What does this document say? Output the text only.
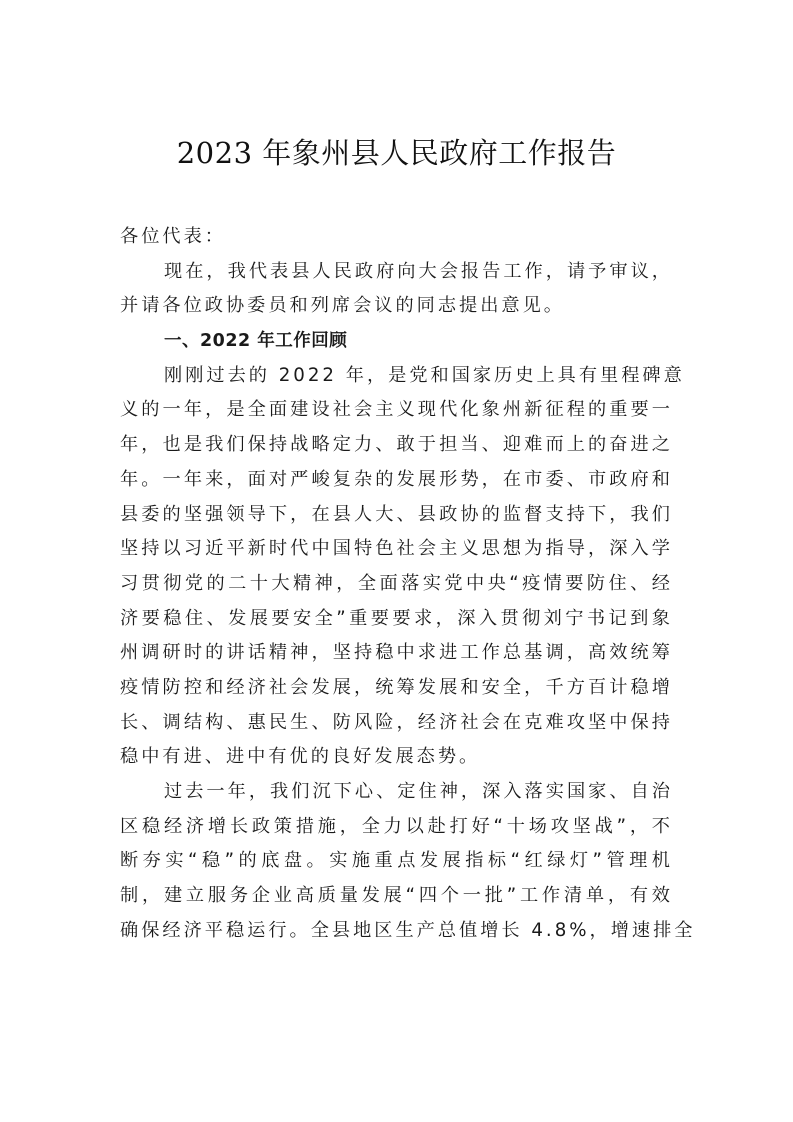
2023 年象州县人民政府工作报告
各位代表：
现在，我代表县人民政府向大会报告工作，请予审议，
并请各位政协委员和列席会议的同志提出意见。
一、2022 年工作回顾
刚刚过去的 2022 年，是党和国家历史上具有里程碑意
义的一年，是全面建设社会主义现代化象州新征程的重要一
年，也是我们保持战略定力、敢于担当、迎难而上的奋进之
年。一年来，面对严峻复杂的发展形势，在市委、市政府和
县委的坚强领导下，在县人大、县政协的监督支持下，我们
坚持以习近平新时代中国特色社会主义思想为指导，深入学
习贯彻党的二十大精神，全面落实党中央“疫情要防住、经
济要稳住、发展要安全”重要要求，深入贯彻刘宁书记到象
州调研时的讲话精神，坚持稳中求进工作总基调，高效统筹
疫情防控和经济社会发展，统筹发展和安全，千方百计稳增
长、调结构、惠民生、防风险，经济社会在克难攻坚中保持
稳中有进、进中有优的良好发展态势。
过去一年，我们沉下心、定住神，深入落实国家、自治
区稳经济增长政策措施，全力以赴打好“十场攻坚战”，不
断夯实“稳”的底盘。实施重点发展指标“红绿灯”管理机
制，建立服务企业高质量发展“四个一批”工作清单，有效
确保经济平稳运行。全县地区生产总值增长 4.8%，增速排全
